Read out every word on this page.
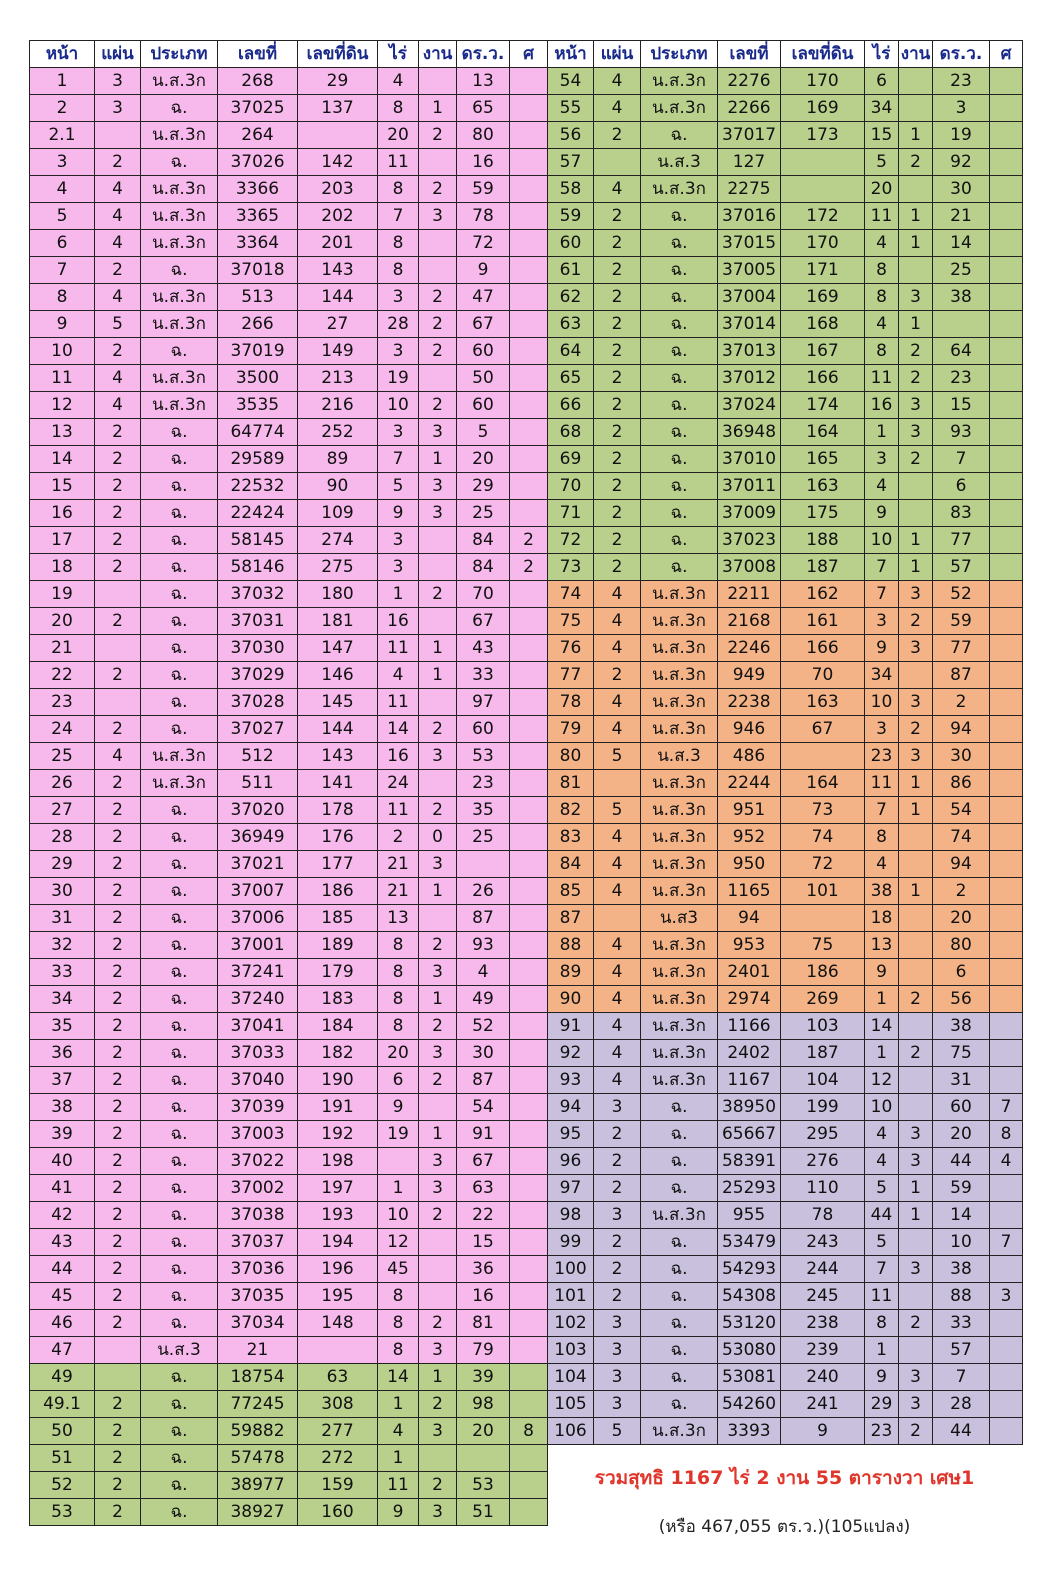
หน้า	แผ่น	ประเภท	เลขที่	เลขที่ดิน	ไร่	งาน	ดร.ว.	ศ
1	3	น.ส.3ก	268	29	4		13	
2	3	ฉ.	37025	137	8	1	65	
2.1		น.ส.3ก	264		20	2	80	
3	2	ฉ.	37026	142	11		16	
4	4	น.ส.3ก	3366	203	8	2	59	
5	4	น.ส.3ก	3365	202	7	3	78	
6	4	น.ส.3ก	3364	201	8		72	
7	2	ฉ.	37018	143	8		9	
8	4	น.ส.3ก	513	144	3	2	47	
9	5	น.ส.3ก	266	27	28	2	67	
10	2	ฉ.	37019	149	3	2	60	
11	4	น.ส.3ก	3500	213	19		50	
12	4	น.ส.3ก	3535	216	10	2	60	
13	2	ฉ.	64774	252	3	3	5	
14	2	ฉ.	29589	89	7	1	20	
15	2	ฉ.	22532	90	5	3	29	
16	2	ฉ.	22424	109	9	3	25	
17	2	ฉ.	58145	274	3		84	2
18	2	ฉ.	58146	275	3		84	2
19		ฉ.	37032	180	1	2	70	
20	2	ฉ.	37031	181	16		67	
21		ฉ.	37030	147	11	1	43	
22	2	ฉ.	37029	146	4	1	33	
23		ฉ.	37028	145	11		97	
24	2	ฉ.	37027	144	14	2	60	
25	4	น.ส.3ก	512	143	16	3	53	
26	2	น.ส.3ก	511	141	24		23	
27	2	ฉ.	37020	178	11	2	35	
28	2	ฉ.	36949	176	2	0	25	
29	2	ฉ.	37021	177	21	3		
30	2	ฉ.	37007	186	21	1	26	
31	2	ฉ.	37006	185	13		87	
32	2	ฉ.	37001	189	8	2	93	
33	2	ฉ.	37241	179	8	3	4	
34	2	ฉ.	37240	183	8	1	49	
35	2	ฉ.	37041	184	8	2	52	
36	2	ฉ.	37033	182	20	3	30	
37	2	ฉ.	37040	190	6	2	87	
38	2	ฉ.	37039	191	9		54	
39	2	ฉ.	37003	192	19	1	91	
40	2	ฉ.	37022	198		3	67	
41	2	ฉ.	37002	197	1	3	63	
42	2	ฉ.	37038	193	10	2	22	
43	2	ฉ.	37037	194	12		15	
44	2	ฉ.	37036	196	45		36	
45	2	ฉ.	37035	195	8		16	
46	2	ฉ.	37034	148	8	2	81	
47		น.ส.3	21		8	3	79	
49		ฉ.	18754	63	14	1	39	
49.1	2	ฉ.	77245	308	1	2	98	
50	2	ฉ.	59882	277	4	3	20	8
51	2	ฉ.	57478	272	1			
52	2	ฉ.	38977	159	11	2	53	
53	2	ฉ.	38927	160	9	3	51	
หน้า	แผ่น	ประเภท	เลขที่	เลขที่ดิน	ไร่	งาน	ดร.ว.	ศ
54	4	น.ส.3ก	2276	170	6		23	
55	4	น.ส.3ก	2266	169	34		3	
56	2	ฉ.	37017	173	15	1	19	
57		น.ส.3	127		5	2	92	
58	4	น.ส.3ก	2275		20		30	
59	2	ฉ.	37016	172	11	1	21	
60	2	ฉ.	37015	170	4	1	14	
61	2	ฉ.	37005	171	8		25	
62	2	ฉ.	37004	169	8	3	38	
63	2	ฉ.	37014	168	4	1		
64	2	ฉ.	37013	167	8	2	64	
65	2	ฉ.	37012	166	11	2	23	
66	2	ฉ.	37024	174	16	3	15	
68	2	ฉ.	36948	164	1	3	93	
69	2	ฉ.	37010	165	3	2	7	
70	2	ฉ.	37011	163	4		6	
71	2	ฉ.	37009	175	9		83	
72	2	ฉ.	37023	188	10	1	77	
73	2	ฉ.	37008	187	7	1	57	
74	4	น.ส.3ก	2211	162	7	3	52	
75	4	น.ส.3ก	2168	161	3	2	59	
76	4	น.ส.3ก	2246	166	9	3	77	
77	2	น.ส.3ก	949	70	34		87	
78	4	น.ส.3ก	2238	163	10	3	2	
79	4	น.ส.3ก	946	67	3	2	94	
80	5	น.ส.3	486		23	3	30	
81		น.ส.3ก	2244	164	11	1	86	
82	5	น.ส.3ก	951	73	7	1	54	
83	4	น.ส.3ก	952	74	8		74	
84	4	น.ส.3ก	950	72	4		94	
85	4	น.ส.3ก	1165	101	38	1	2	
87		น.ส3	94		18		20	
88	4	น.ส.3ก	953	75	13		80	
89	4	น.ส.3ก	2401	186	9		6	
90	4	น.ส.3ก	2974	269	1	2	56	
91	4	น.ส.3ก	1166	103	14		38	
92	4	น.ส.3ก	2402	187	1	2	75	
93	4	น.ส.3ก	1167	104	12		31	
94	3	ฉ.	38950	199	10		60	7
95	2	ฉ.	65667	295	4	3	20	8
96	2	ฉ.	58391	276	4	3	44	4
97	2	ฉ.	25293	110	5	1	59	
98	3	น.ส.3ก	955	78	44	1	14	
99	2	ฉ.	53479	243	5		10	7
100	2	ฉ.	54293	244	7	3	38	
101	2	ฉ.	54308	245	11		88	3
102	3	ฉ.	53120	238	8	2	33	
103	3	ฉ.	53080	239	1		57	
104	3	ฉ.	53081	240	9	3	7	
105	3	ฉ.	54260	241	29	3	28	
106	5	น.ส.3ก	3393	9	23	2	44	
รวมสุทธิ 1167 ไร่ 2 งาน 55 ตารางวา เศษ1
(หรือ 467,055 ตร.ว.)(105แปลง)
